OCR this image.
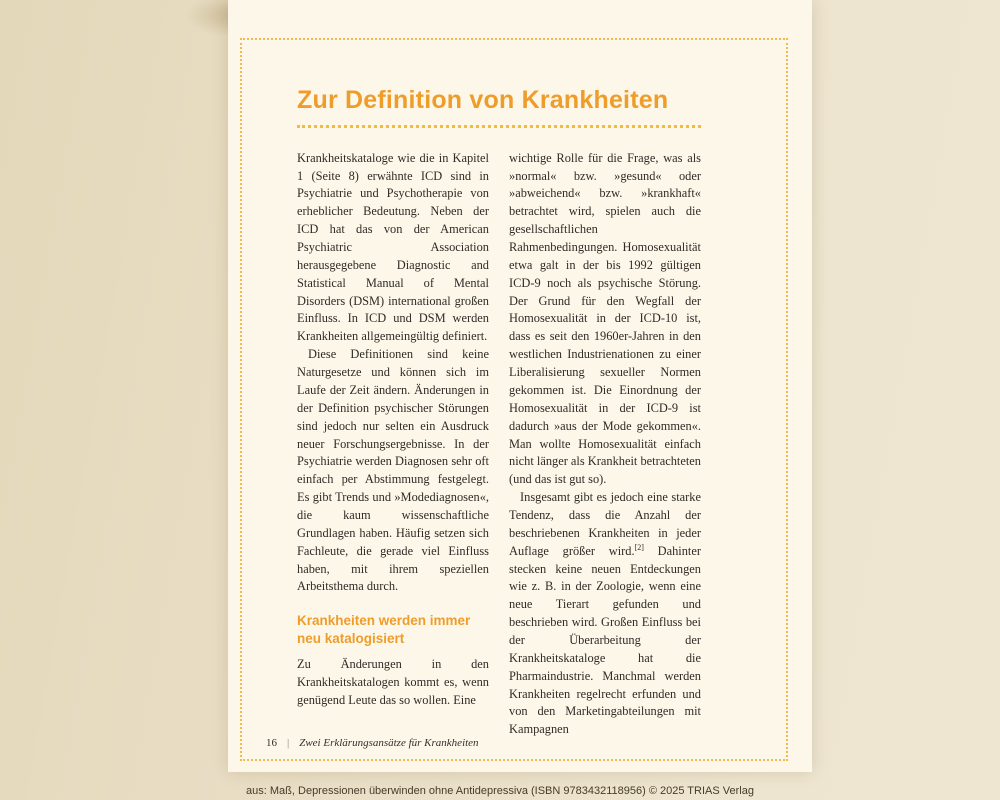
Zur Definition von Krankheiten

Krankheitskataloge wie die in Kapitel 1 (Seite 8) erwähnte ICD sind in Psychiatrie und Psychotherapie von erheblicher Bedeutung. Neben der ICD hat das von der American Psychiatric Association herausgegebene Diagnostic and Statistical Manual of Mental Disorders (DSM) international großen Einfluss. In ICD und DSM werden Krankheiten allgemeingültig definiert.

Diese Definitionen sind keine Naturgesetze und können sich im Laufe der Zeit ändern. Änderungen in der Definition psychischer Störungen sind jedoch nur selten ein Ausdruck neuer Forschungsergebnisse. In der Psychiatrie werden Diagnosen sehr oft einfach per Abstimmung festgelegt. Es gibt Trends und »Modediagnosen«, die kaum wissenschaftliche Grundlagen haben. Häufig setzen sich Fachleute, die gerade viel Einfluss haben, mit ihrem speziellen Arbeitsthema durch.

Krankheiten werden immer neu katalogisiert

Zu Änderungen in den Krankheitskatalogen kommt es, wenn genügend Leute das so wollen. Eine

wichtige Rolle für die Frage, was als »normal« bzw. »gesund« oder »abweichend« bzw. »krankhaft« betrachtet wird, spielen auch die gesellschaftlichen Rahmenbedingungen. Homosexualität etwa galt in der bis 1992 gültigen ICD-9 noch als psychische Störung. Der Grund für den Wegfall der Homosexualität in der ICD-10 ist, dass es seit den 1960er-Jahren in den westlichen Industrienationen zu einer Liberalisierung sexueller Normen gekommen ist. Die Einordnung der Homosexualität in der ICD-9 ist dadurch »aus der Mode gekommen«. Man wollte Homosexualität einfach nicht länger als Krankheit betrachteten (und das ist gut so).

Insgesamt gibt es jedoch eine starke Tendenz, dass die Anzahl der beschriebenen Krankheiten in jeder Auflage größer wird.[2] Dahinter stecken keine neuen Entdeckungen wie z. B. in der Zoologie, wenn eine neue Tierart gefunden und beschrieben wird. Großen Einfluss bei der Überarbeitung der Krankheitskataloge hat die Pharmaindustrie. Manchmal werden Krankheiten regelrecht erfunden und von den Marketingabteilungen mit Kampagnen

16 | Zwei Erklärungsansätze für Krankheiten
aus: Maß, Depressionen überwinden ohne Antidepressiva (ISBN 9783432118956) © 2025 TRIAS Verlag
